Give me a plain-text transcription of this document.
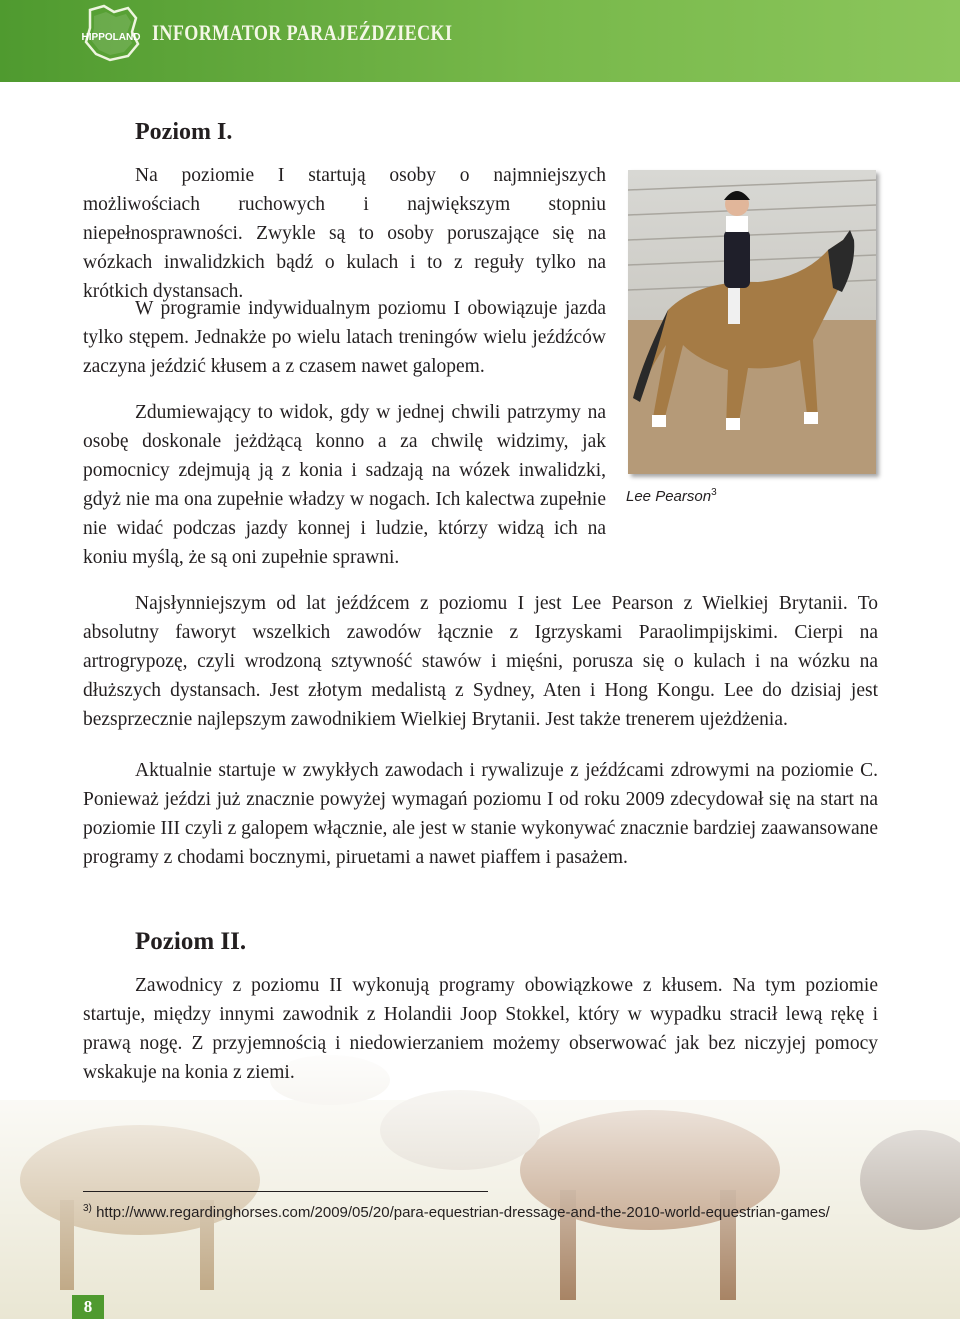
HIPPOLAND INFORMATOR PARAJEŹDZIECKI
Poziom I.

Na poziomie I startują osoby o najmniejszych możliwościach ruchowych i największym stopniu niepełnosprawności. Zwykle są to osoby poruszające się na wózkach inwalidzkich bądź o kulach i to z reguły tylko na krótkich dystansach.

W programie indywidualnym poziomu I obowiązuje jazda tylko stępem. Jednakże po wielu latach treningów wielu jeźdźców zaczyna jeździć kłusem a z czasem nawet galopem.

Zdumiewający to widok, gdy w jednej chwili patrzymy na osobę doskonale jeżdżącą konno a za chwilę widzimy, jak pomocnicy zdejmują ją z konia i sadzają na wózek inwalidzki, gdyż nie ma ona zupełnie władzy w nogach. Ich kalectwa zupełnie nie widać podczas jazdy konnej i ludzie, którzy widzą ich na koniu myślą, że są oni zupełnie sprawni.

Lee Pearson$^3$

Najsłynniejszym od lat jeźdźcem z poziomu I jest Lee Pearson z Wielkiej Brytanii. To absolutny faworyt wszelkich zawodów łącznie z Igrzyskami Paraolimpijskimi. Cierpi na artrogrypozę, czyli wrodzoną sztywność stawów i mięśni, porusza się o kulach i na wózku na dłuższych dystansach. Jest złotym medalistą z Sydney, Aten i Hong Kongu. Lee do dzisiaj jest bezsprzecznie najlepszym zawodnikiem Wielkiej Brytanii. Jest także trenerem ujeżdżenia.

Aktualnie startuje w zwykłych zawodach i rywalizuje z jeźdźcami zdrowymi na poziomie C. Ponieważ jeździ już znacznie powyżej wymagań poziomu I od roku 2009 zdecydował się na start na poziomie III czyli z galopem włącznie, ale jest w stanie wykonywać znacznie bardziej zaawansowane programy z chodami bocznymi, piruetami a nawet piaffem i pasażem.

Poziom II.

Zawodnicy z poziomu II wykonują programy obowiązkowe z kłusem. Na tym poziomie startuje, między innymi zawodnik z Holandii Joop Stokkel, który w wypadku stracił lewą rękę i prawą nogę. Z przyjemnością i niedowierzaniem możemy obserwować jak bez niczyjej pomocy wskakuje na konia z ziemi.

$^{3)}$ http://www.regardinghorses.com/2009/05/20/para-equestrian-dressage-and-the-2010-world-equestrian-games/
8
